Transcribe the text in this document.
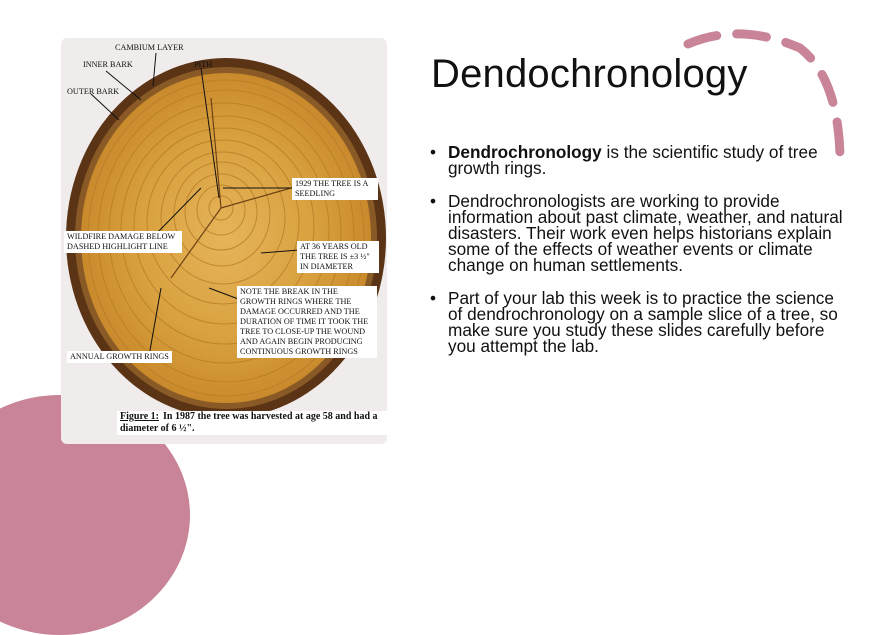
CAMBIUM LAYER
INNER BARK	PITH
OUTER BARK
1929 THE TREE IS A SEEDLING
WILDFIRE DAMAGE BELOW DASHED HIGHLIGHT LINE	AT 36 YEARS OLD THE TREE IS ±3 ½" IN DIAMETER
NOTE THE BREAK IN THE GROWTH RINGS WHERE THE DAMAGE OCCURRED AND THE DURATION OF TIME IT TOOK THE TREE TO CLOSE-UP THE WOUND AND AGAIN BEGIN PRODUCING CONTINUOUS GROWTH RINGS
ANNUAL GROWTH RINGS
Figure 1: In 1987 the tree was harvested at age 58 and had a diameter of 6 ½".
Dendochronology
• Dendrochronology is the scientific study of tree growth rings.
• Dendrochronologists are working to provide information about past climate, weather, and natural disasters. Their work even helps historians explain some of the effects of weather events or climate change on human settlements.
• Part of your lab this week is to practice the science of dendrochronology on a sample slice of a tree, so make sure you study these slides carefully before you attempt the lab.
